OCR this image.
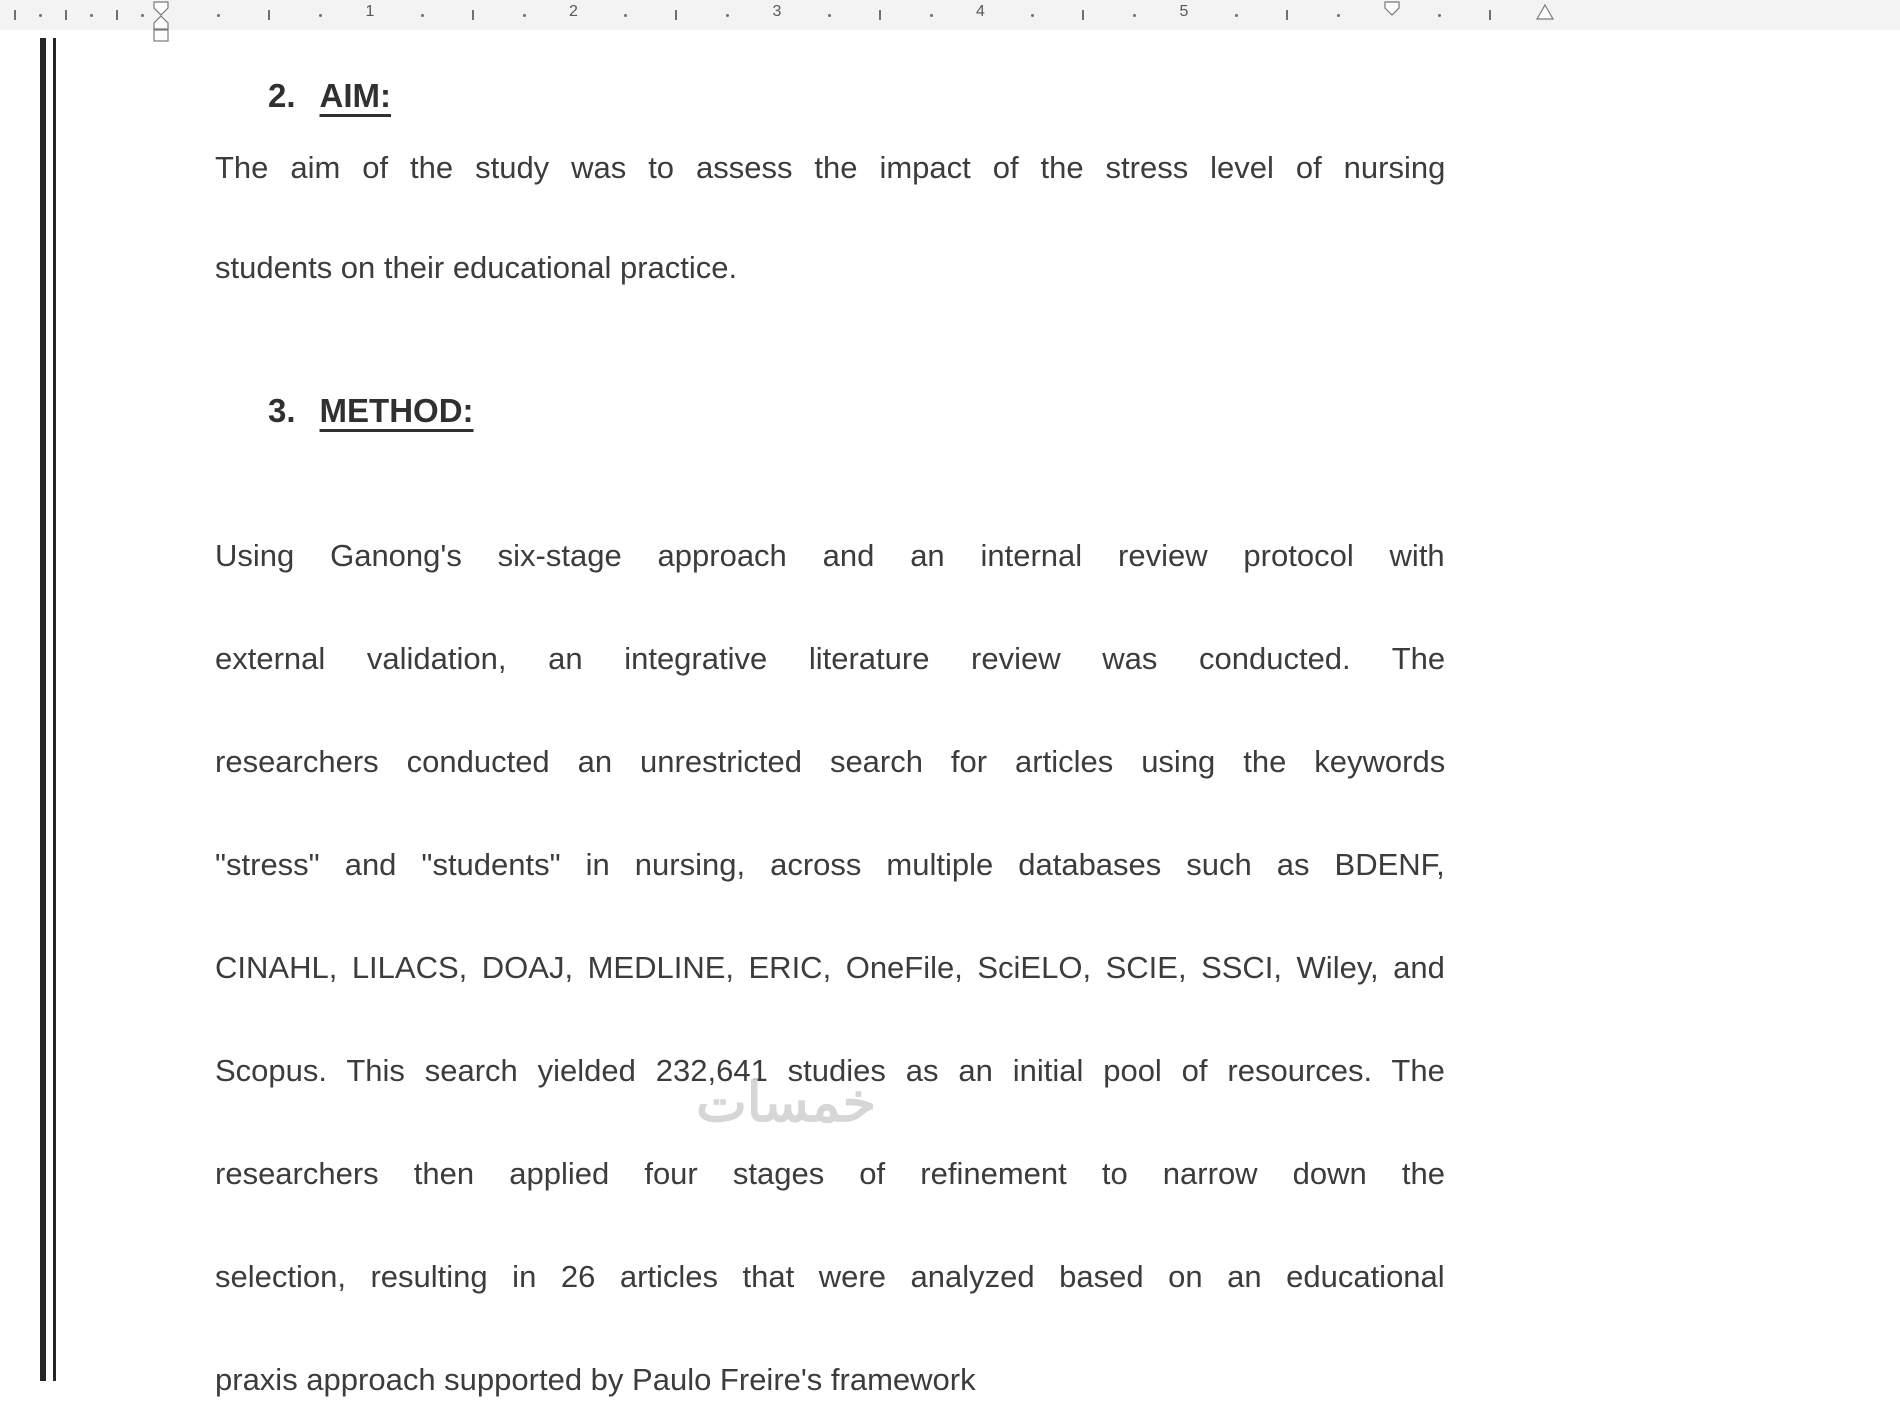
1	2	3	4	5
2. AIM:
The aim of the study was to assess the impact of the stress level of nursing
students on their educational practice.
3. METHOD:
Using Ganong's six-stage approach and an internal review protocol with
external validation, an integrative literature review was conducted. The
researchers conducted an unrestricted search for articles using the keywords
"stress" and "students" in nursing, across multiple databases such as BDENF,
CINAHL, LILACS, DOAJ, MEDLINE, ERIC, OneFile, SciELO, SCIE, SSCI, Wiley, and
Scopus. This search yielded 232,641 studies as an initial pool of resources. The
researchers then applied four stages of refinement to narrow down the
selection, resulting in 26 articles that were analyzed based on an educational
praxis approach supported by Paulo Freire's framework
خمسات
